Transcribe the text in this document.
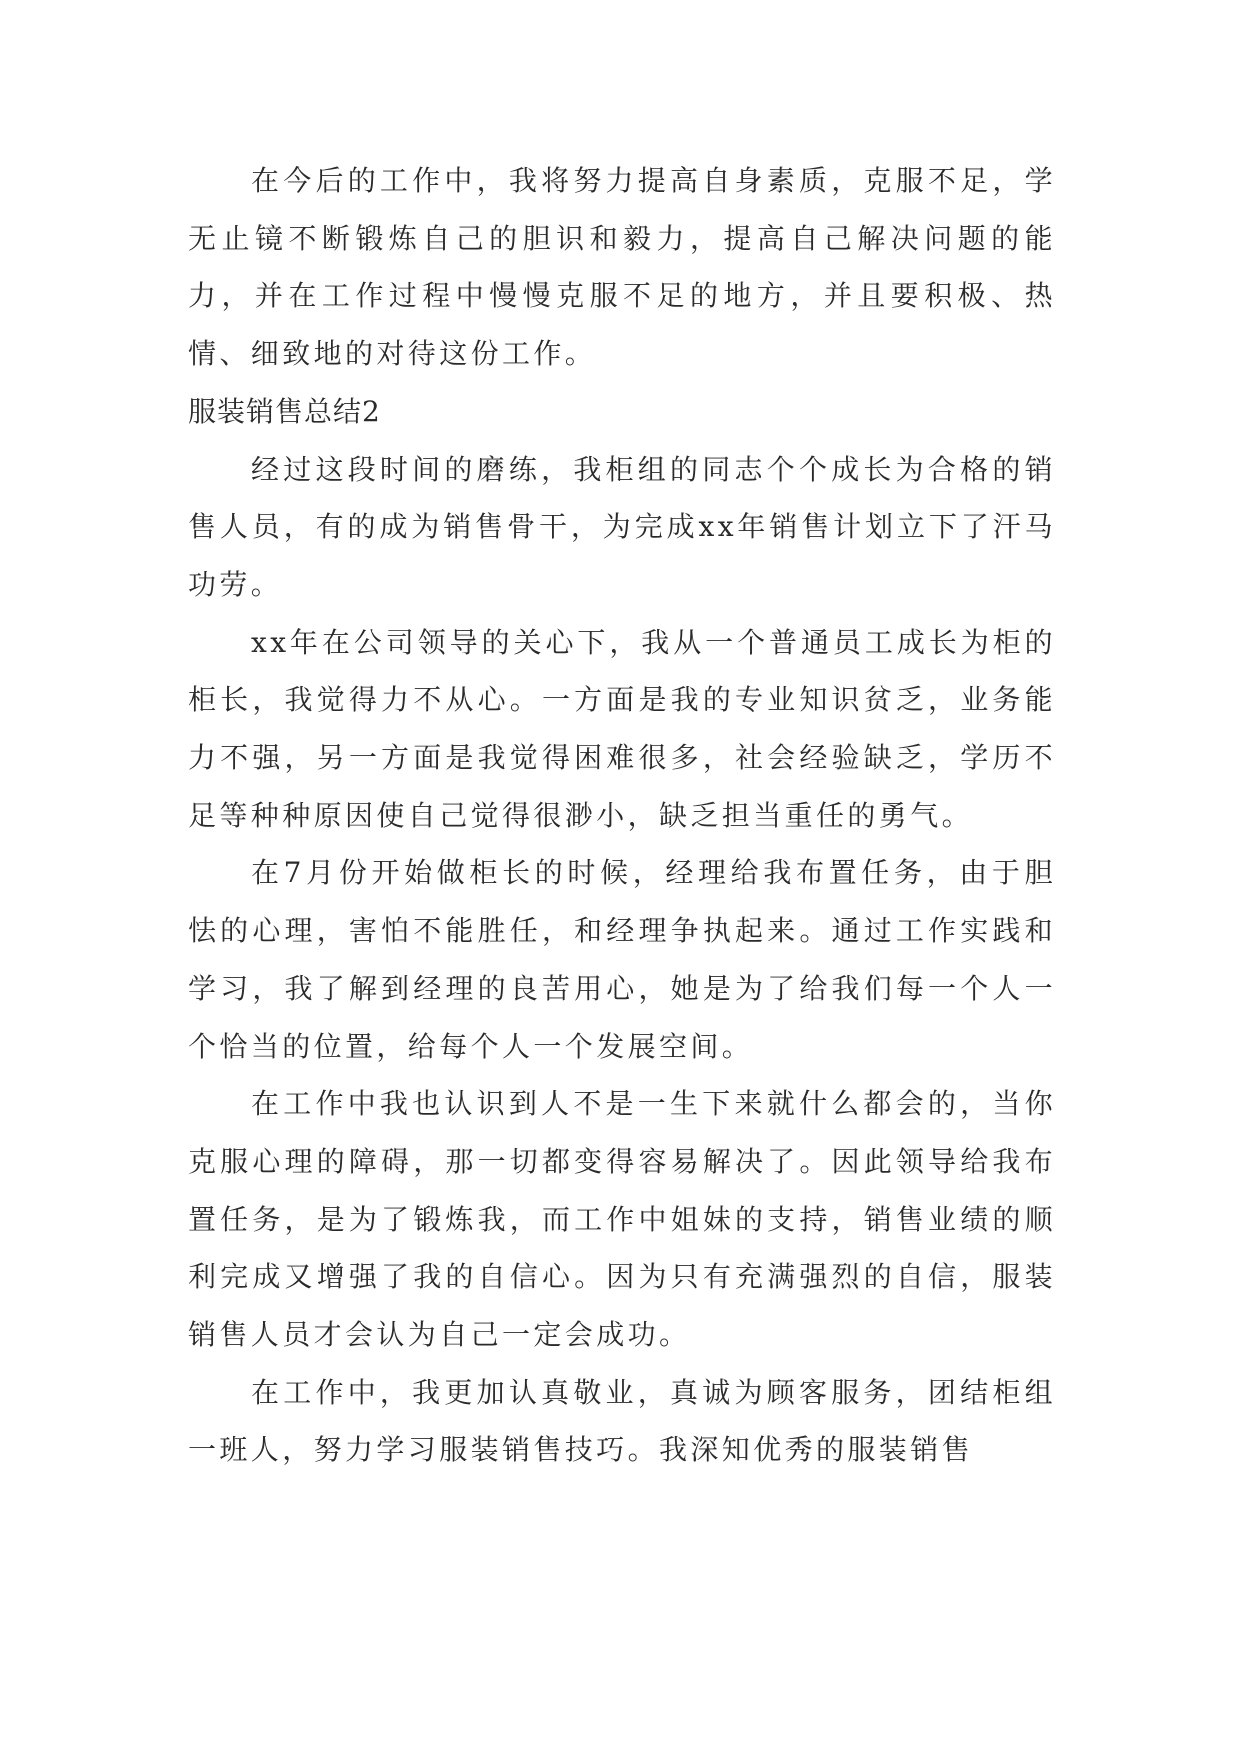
在今后的工作中，我将努力提高自身素质，克服不足，学无止镜不断锻炼自己的胆识和毅力，提高自己解决问题的能力，并在工作过程中慢慢克服不足的地方，并且要积极、热情、细致地的对待这份工作。

服装销售总结2

经过这段时间的磨练，我柜组的同志个个成长为合格的销售人员，有的成为销售骨干，为完成xx年销售计划立下了汗马功劳。

xx年在公司领导的关心下，我从一个普通员工成长为柜的柜长，我觉得力不从心。一方面是我的专业知识贫乏，业务能力不强，另一方面是我觉得困难很多，社会经验缺乏，学历不足等种种原因使自己觉得很渺小，缺乏担当重任的勇气。

在7月份开始做柜长的时候，经理给我布置任务，由于胆怯的心理，害怕不能胜任，和经理争执起来。通过工作实践和学习，我了解到经理的良苦用心，她是为了给我们每一个人一个恰当的位置，给每个人一个发展空间。

在工作中我也认识到人不是一生下来就什么都会的，当你克服心理的障碍，那一切都变得容易解决了。因此领导给我布置任务，是为了锻炼我，而工作中姐妹的支持，销售业绩的顺利完成又增强了我的自信心。因为只有充满强烈的自信，服装销售人员才会认为自己一定会成功。

在工作中，我更加认真敬业，真诚为顾客服务，团结柜组一班人，努力学习服装销售技巧。我深知优秀的服装销售
